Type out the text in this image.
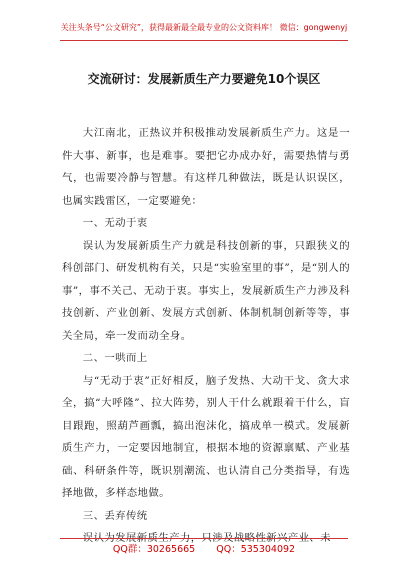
关注头条号“公文研究”，获得最新最全最专业的公文资料库！ 微信：gongwenyj
交流研讨：发展新质生产力要避免10个误区

大江南北，正热议并积极推动发展新质生产力。这是一件大事、新事，也是难事。要把它办成办好，需要热情与勇气，也需要冷静与智慧。有这样几种做法，既是认识误区，也属实践雷区，一定要避免：

一、无动于衷

误认为发展新质生产力就是科技创新的事，只跟狭义的科创部门、研发机构有关，只是“实验室里的事”，是“别人的事”，事不关己、无动于衷。事实上，发展新质生产力涉及科技创新、产业创新、发展方式创新、体制机制创新等等，事关全局，牵一发而动全身。

二、一哄而上

与“无动于衷”正好相反，脑子发热、大动干戈、贪大求全，搞“大呼隆”、拉大阵势，别人干什么就跟着干什么，盲目跟跑，照葫芦画瓢，搞出泡沫化，搞成单一模式。发展新质生产力，一定要因地制宜，根据本地的资源禀赋、产业基础、科研条件等，既识别潮流、也认清自己分类指导，有选择地做，多样态地做。

三、丢弃传统

误认为发展新质生产力，只涉及战略性新兴产业、未

QQ群：30265665 QQ：535304092
